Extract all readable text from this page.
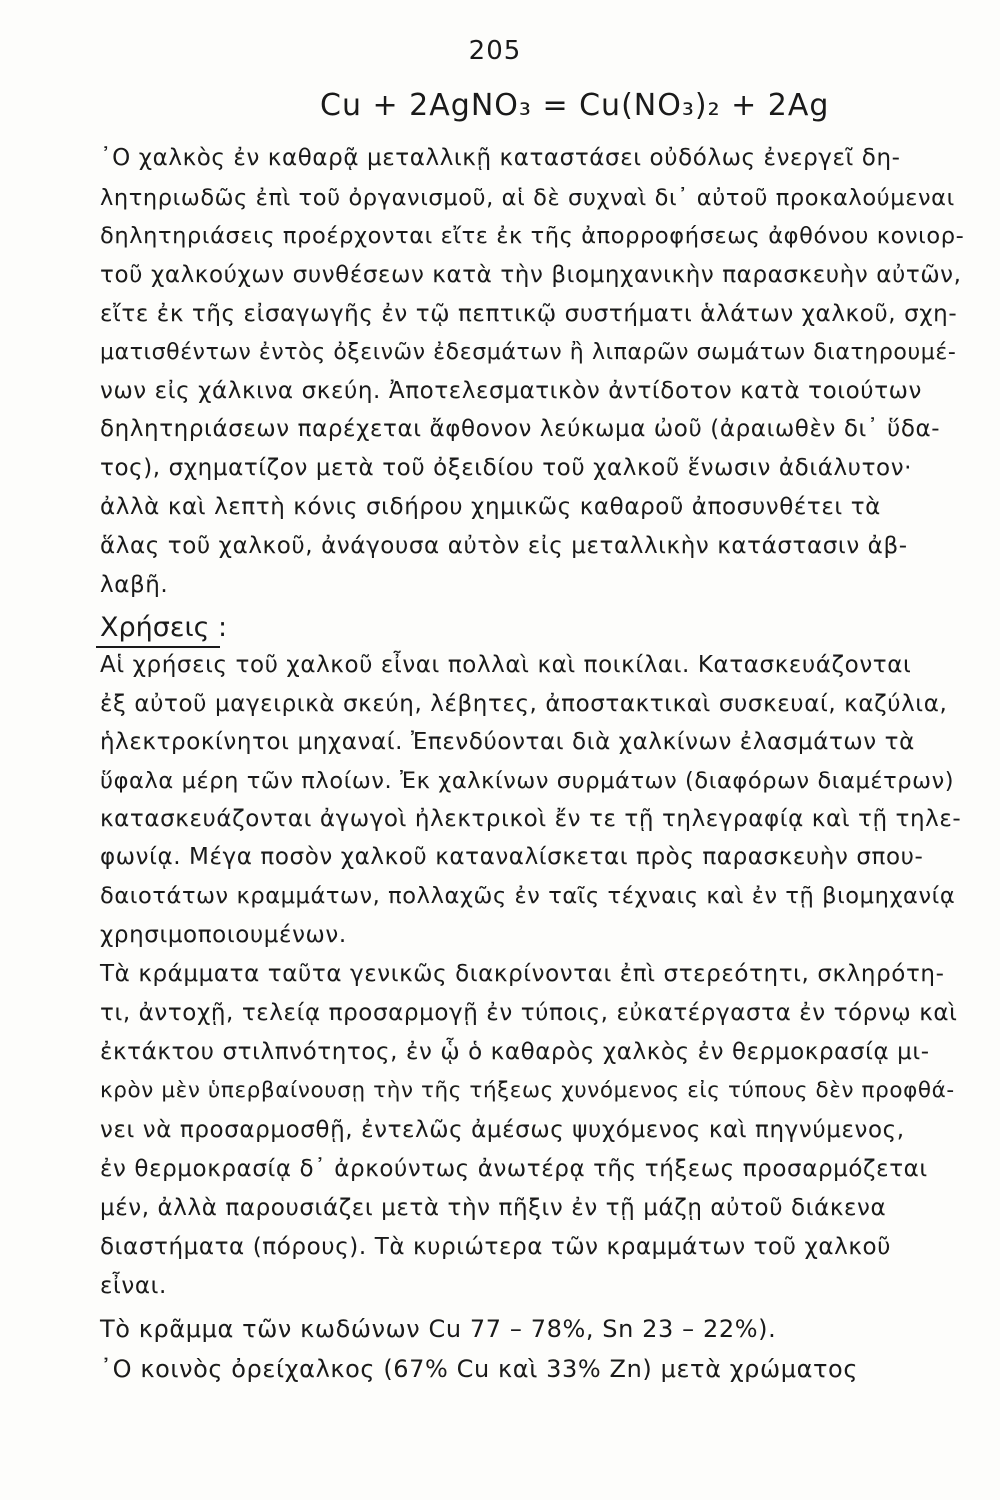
205
Cu + 2AgNO₃ = Cu(NO₃)₂ + 2Ag
᾿Ο χαλκὸς ἐν καθαρᾷ μεταλλικῇ καταστάσει οὐδόλως ἐνεργεῖ δη-
λητηριωδῶς ἐπὶ τοῦ ὀργανισμοῦ, αἱ δὲ συχναὶ δι᾿ αὐτοῦ προκαλούμεναι
δηλητηριάσεις προέρχονται εἴτε ἐκ τῆς ἀπορροφήσεως ἀφθόνου κονιορ-
τοῦ χαλκούχων συνθέσεων κατὰ τὴν βιομηχανικὴν παρασκευὴν αὐτῶν,
εἴτε ἐκ τῆς εἰσαγωγῆς ἐν τῷ πεπτικῷ συστήματι ἁλάτων χαλκοῦ, σχη-
ματισθέντων ἐντὸς ὀξεινῶν ἐδεσμάτων ἢ λιπαρῶν σωμάτων διατηρουμέ-
νων εἰς χάλκινα σκεύη. Ἀποτελεσματικὸν ἀντίδοτον κατὰ τοιούτων
δηλητηριάσεων παρέχεται ἄφθονον λεύκωμα ὠοῦ (ἀραιωθὲν δι᾿ ὕδα-
τος), σχηματίζον μετὰ τοῦ ὀξειδίου τοῦ χαλκοῦ ἕνωσιν ἀδιάλυτον·
ἀλλὰ καὶ λεπτὴ κόνις σιδήρου χημικῶς καθαροῦ ἀποσυνθέτει τὰ
ἅλας τοῦ χαλκοῦ, ἀνάγουσα αὐτὸν εἰς μεταλλικὴν κατάστασιν ἀβ-
λαβῆ.
Χρήσεις :
Αἱ χρήσεις τοῦ χαλκοῦ εἶναι πολλαὶ καὶ ποικίλαι. Κατασκευάζονται
ἐξ αὐτοῦ μαγειρικὰ σκεύη, λέβητες, ἀποστακτικαὶ συσκευαί, καζύλια,
ἡλεκτροκίνητοι μηχαναί. Ἐπενδύονται διὰ χαλκίνων ἐλασμάτων τὰ
ὕφαλα μέρη τῶν πλοίων. Ἐκ χαλκίνων συρμάτων (διαφόρων διαμέτρων)
κατασκευάζονται ἀγωγοὶ ἠλεκτρικοὶ ἔν τε τῇ τηλεγραφίᾳ καὶ τῇ τηλε-
φωνίᾳ. Μέγα ποσὸν χαλκοῦ καταναλίσκεται πρὸς παρασκευὴν σπου-
δαιοτάτων κραμμάτων, πολλαχῶς ἐν ταῖς τέχναις καὶ ἐν τῇ βιομηχανίᾳ
χρησιμοποιουμένων.
Τὰ κράμματα ταῦτα γενικῶς διακρίνονται ἐπὶ στερεότητι, σκληρότη-
τι, ἀντοχῇ, τελείᾳ προσαρμογῇ ἐν τύποις, εὐκατέργαστα ἐν τόρνῳ καὶ
ἐκτάκτου στιλπνότητος, ἐν ᾧ ὁ καθαρὸς χαλκὸς ἐν θερμοκρασίᾳ μι-
κρὸν μὲν ὑπερβαίνουσῃ τὴν τῆς τήξεως χυνόμενος εἰς τύπους δὲν προφθά-
νει νὰ προσαρμοσθῇ, ἐντελῶς ἀμέσως ψυχόμενος καὶ πηγνύμενος,
ἐν θερμοκρασίᾳ δ᾿ ἀρκούντως ἀνωτέρᾳ τῆς τήξεως προσαρμόζεται
μέν, ἀλλὰ παρουσιάζει μετὰ τὴν πῆξιν ἐν τῇ μάζῃ αὐτοῦ διάκενα
διαστήματα (πόρους). Τὰ κυριώτερα τῶν κραμμάτων τοῦ χαλκοῦ
εἶναι.
Τὸ κρᾶμμα τῶν κωδώνων Cu 77 – 78%, Sn 23 – 22%).
᾿Ο κοινὸς ὀρείχαλκος (67% Cu καὶ 33% Zn) μετὰ χρώματος
